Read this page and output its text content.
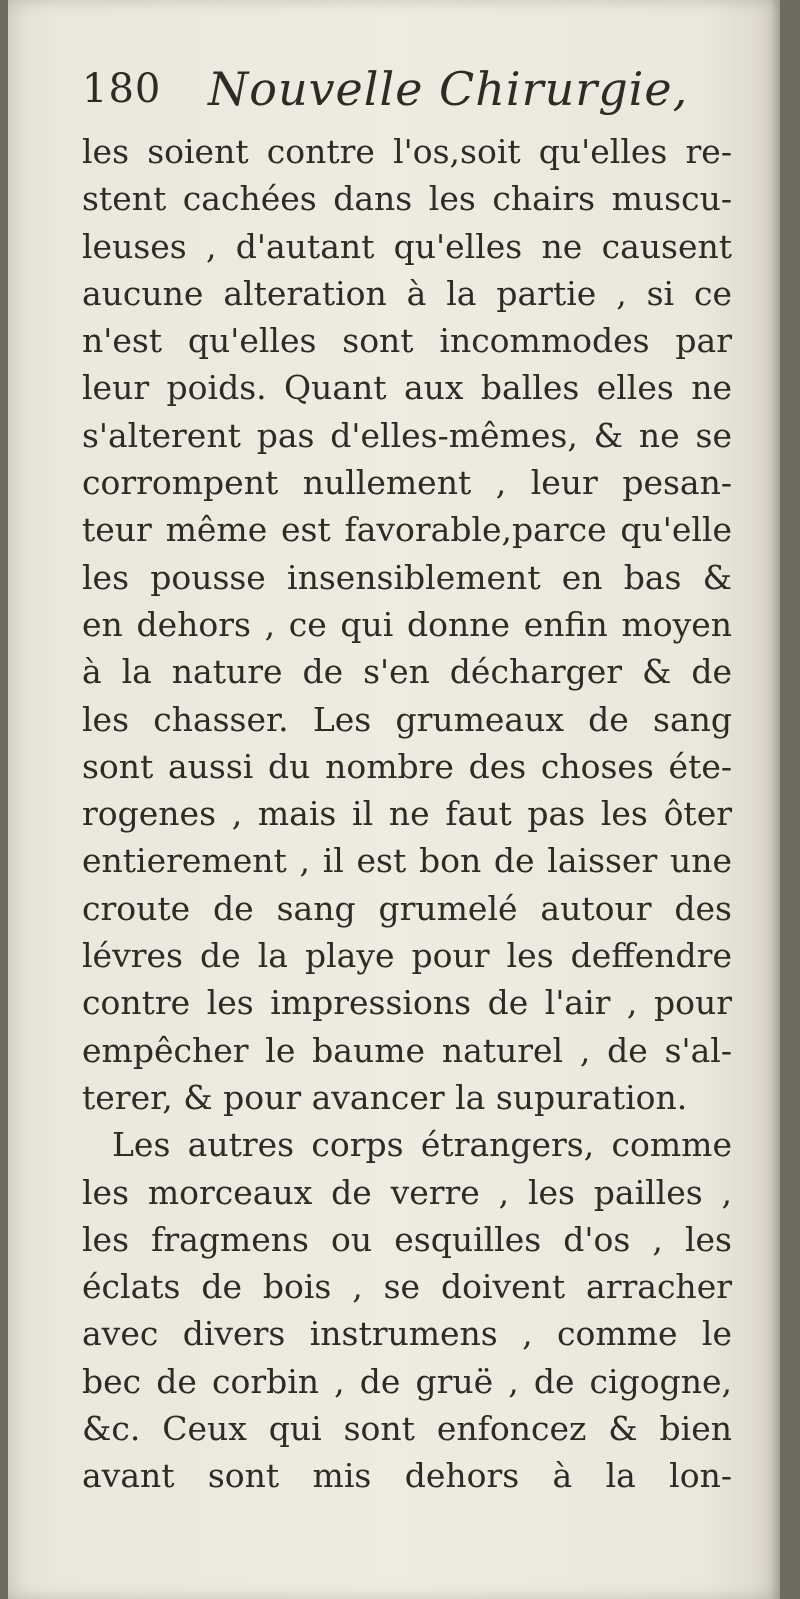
180 Nouvelle Chirurgie,
les soient contre l'os,soit qu'elles re-
stent cachées dans les chairs muscu-
leuses , d'autant qu'elles ne causent
aucune alteration à la partie , si ce
n'est qu'elles sont incommodes par
leur poids. Quant aux balles elles ne
s'alterent pas d'elles-mêmes, & ne se
corrompent nullement , leur pesan-
teur même est favorable,parce qu'elle
les pousse insensiblement en bas &
en dehors , ce qui donne enfin moyen
à la nature de s'en décharger & de
les chasser. Les grumeaux de sang
sont aussi du nombre des choses éte-
rogenes , mais il ne faut pas les ôter
entierement , il est bon de laisser une
croute de sang grumelé autour des
lévres de la playe pour les deffendre
contre les impressions de l'air , pour
empêcher le baume naturel , de s'al-
terer, & pour avancer la supuration.
Les autres corps étrangers, comme
les morceaux de verre , les pailles ,
les fragmens ou esquilles d'os , les
éclats de bois , se doivent arracher
avec divers instrumens , comme le
bec de corbin , de gruë , de cigogne,
&c. Ceux qui sont enfoncez & bien
avant sont mis dehors à la lon-
